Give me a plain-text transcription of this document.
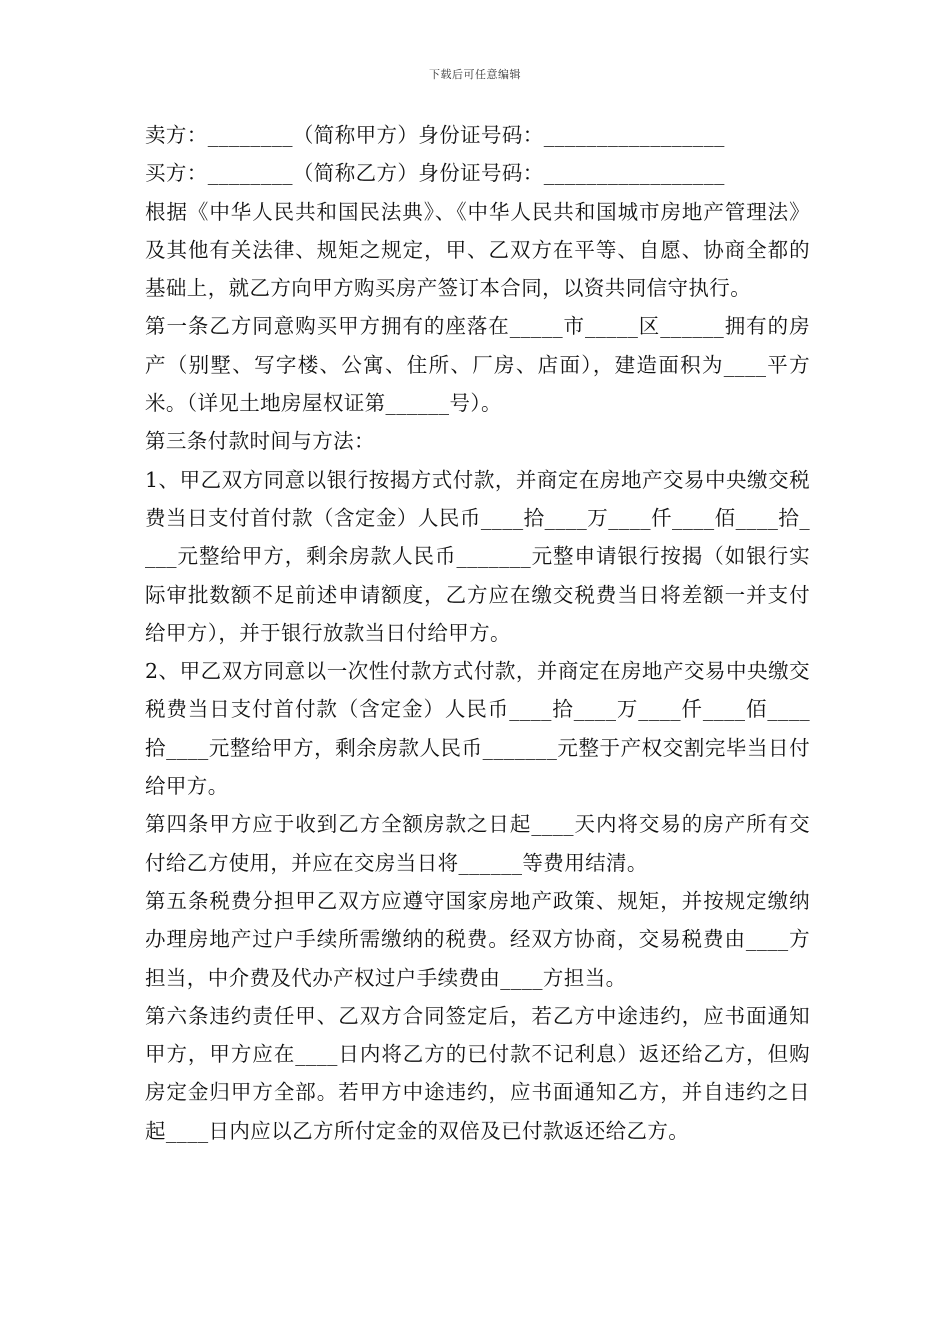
下载后可任意编辑

卖方：________（简称甲方）身份证号码：_________________

买方：________（简称乙方）身份证号码：_________________

根据《中华人民共和国民法典》、《中华人民共和国城市房地产管理法》及其他有关法律、规矩之规定，甲、乙双方在平等、自愿、协商全都的基础上，就乙方向甲方购买房产签订本合同，以资共同信守执行。

第一条乙方同意购买甲方拥有的座落在_____市_____区______拥有的房产（别墅、写字楼、公寓、住所、厂房、店面），建造面积为____平方米。（详见土地房屋权证第______号）。

第三条付款时间与方法：

1、甲乙双方同意以银行按揭方式付款，并商定在房地产交易中央缴交税费当日支付首付款（含定金）人民币____拾____万____仟____佰____拾____元整给甲方，剩余房款人民币_______元整申请银行按揭（如银行实际审批数额不足前述申请额度，乙方应在缴交税费当日将差额一并支付给甲方），并于银行放款当日付给甲方。

2、甲乙双方同意以一次性付款方式付款，并商定在房地产交易中央缴交税费当日支付首付款（含定金）人民币____拾____万____仟____佰____拾____元整给甲方，剩余房款人民币_______元整于产权交割完毕当日付给甲方。

第四条甲方应于收到乙方全额房款之日起____天内将交易的房产所有交付给乙方使用，并应在交房当日将______等费用结清。

第五条税费分担甲乙双方应遵守国家房地产政策、规矩，并按规定缴纳办理房地产过户手续所需缴纳的税费。经双方协商，交易税费由____方担当，中介费及代办产权过户手续费由____方担当。

第六条违约责任甲、乙双方合同签定后，若乙方中途违约，应书面通知甲方，甲方应在____日内将乙方的已付款不记利息）返还给乙方，但购房定金归甲方全部。若甲方中途违约，应书面通知乙方，并自违约之日起____日内应以乙方所付定金的双倍及已付款返还给乙方。
